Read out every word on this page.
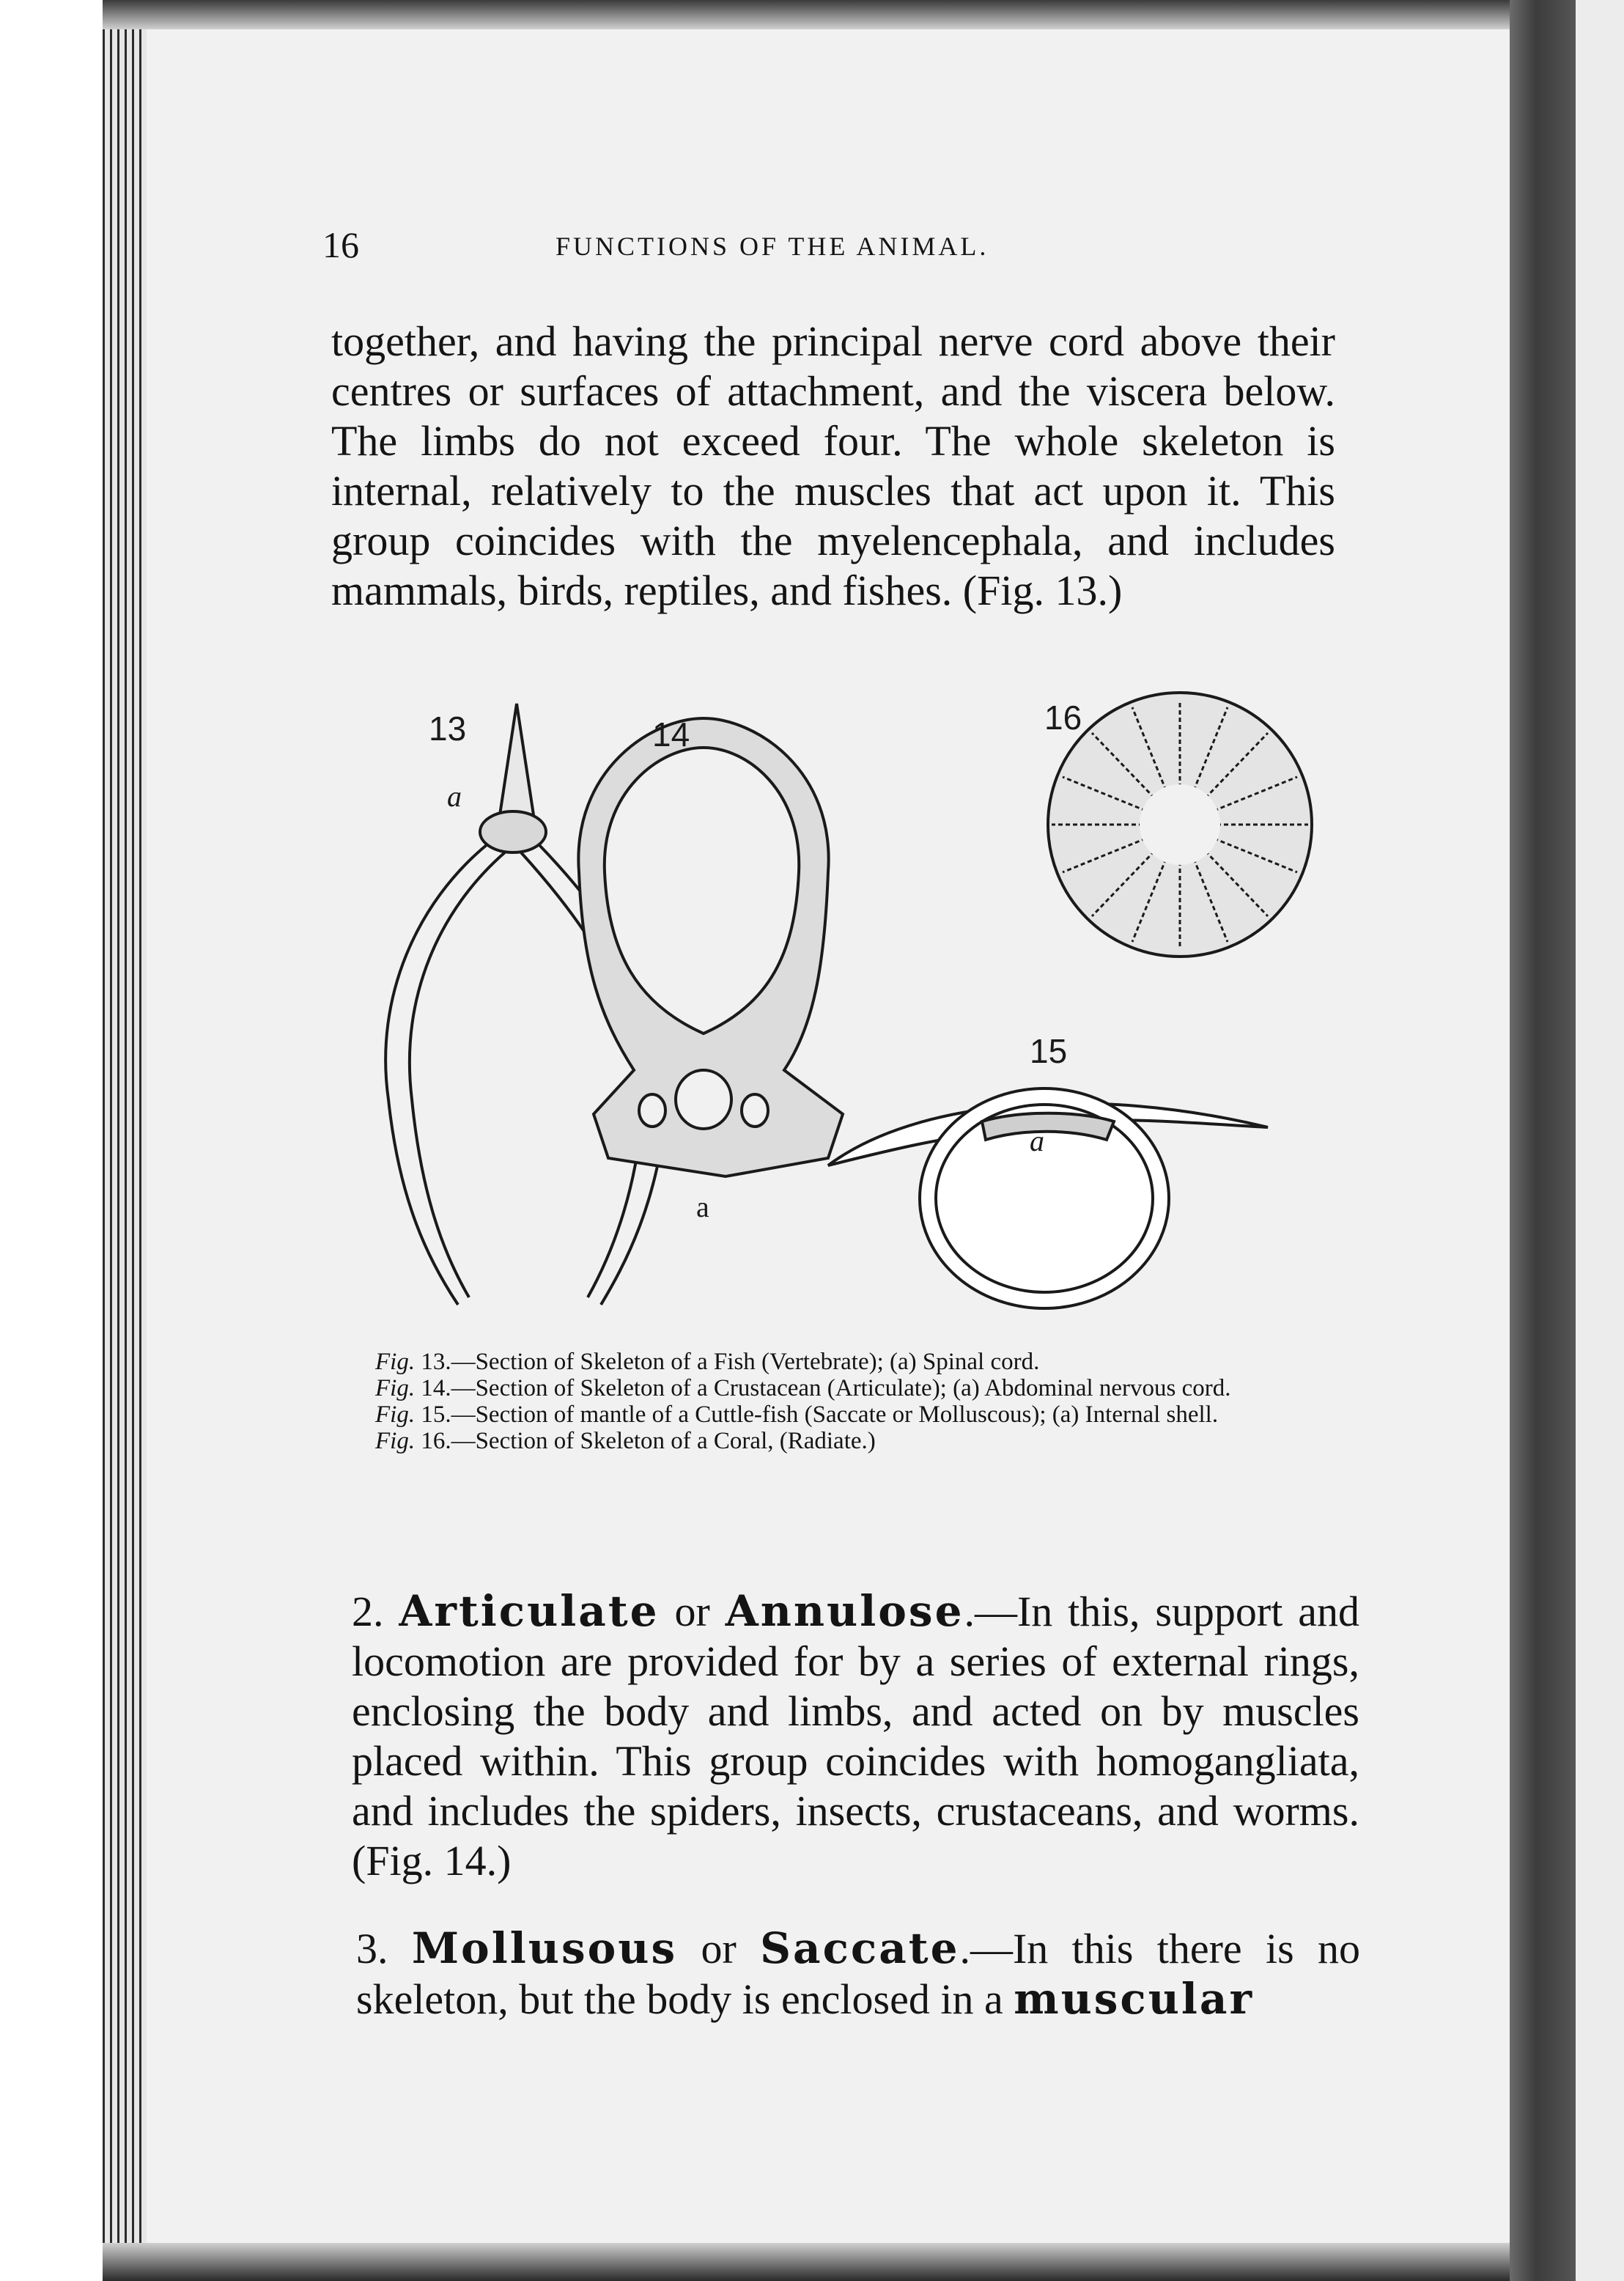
16	FUNCTIONS OF THE ANIMAL.

together, and having the principal nerve cord above their centres or surfaces of attachment, and the viscera below. The limbs do not exceed four. The whole skeleton is internal, relatively to the muscles that act upon it. This group coincides with the myelencephala, and includes mammals, birds, reptiles, and fishes. (Fig. 13.)

13
a
14
a
16
15
a
Fig. 13.—Section of Skeleton of a Fish (Vertebrate); (a) Spinal cord.
Fig. 14.—Section of Skeleton of a Crustacean (Articulate); (a) Abdominal nervous cord.
Fig. 15.—Section of mantle of a Cuttle-fish (Saccate or Molluscous); (a) Internal shell.
Fig. 16.—Section of Skeleton of a Coral, (Radiate.)

2. Articulate or Annulose.—In this, support and locomotion are provided for by a series of external rings, enclosing the body and limbs, and acted on by muscles placed within. This group coincides with homogangliata, and includes the spiders, insects, crustaceans, and worms. (Fig. 14.)

3. Mollusous or Saccate.—In this there is no skeleton, but the body is enclosed in a muscular
